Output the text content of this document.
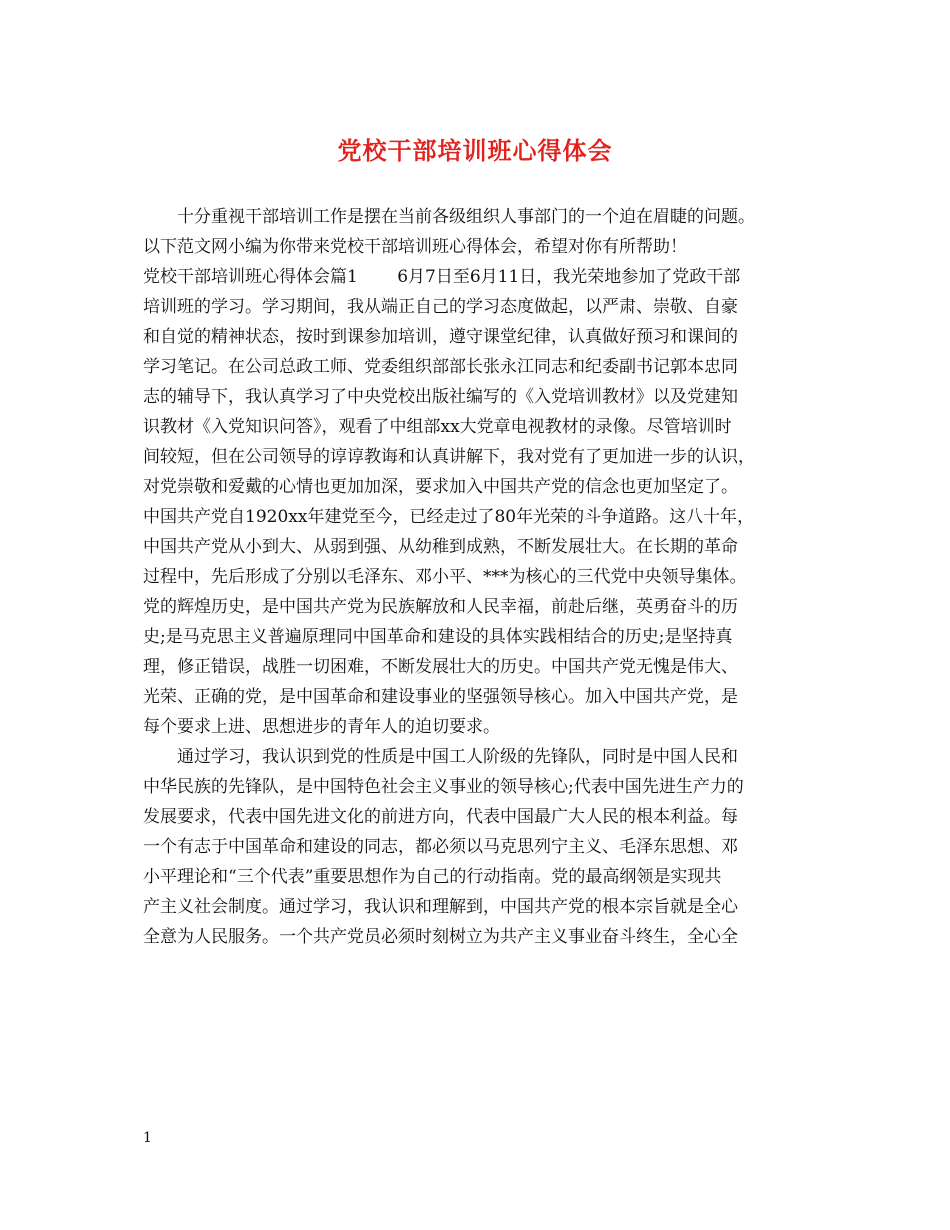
党校干部培训班心得体会
　　十分重视干部培训工作是摆在当前各级组织人事部门的一个迫在眉睫的问题。
以下范文网小编为你带来党校干部培训班心得体会，希望对你有所帮助！
党校干部培训班心得体会篇1　　 6月7日至6月11日，我光荣地参加了党政干部
培训班的学习。学习期间，我从端正自己的学习态度做起，以严肃、崇敬、自豪
和自觉的精神状态，按时到课参加培训，遵守课堂纪律，认真做好预习和课间的
学习笔记。在公司总政工师、党委组织部部长张永江同志和纪委副书记郭本忠同
志的辅导下，我认真学习了中央党校出版社编写的《入党培训教材》以及党建知
识教材《入党知识问答》，观看了中组部xx大党章电视教材的录像。尽管培训时
间较短，但在公司领导的谆谆教诲和认真讲解下，我对党有了更加进一步的认识，
对党崇敬和爱戴的心情也更加加深，要求加入中国共产党的信念也更加坚定了。
中国共产党自1920xx年建党至今，已经走过了80年光荣的斗争道路。这八十年，
中国共产党从小到大、从弱到强、从幼稚到成熟，不断发展壮大。在长期的革命
过程中，先后形成了分别以毛泽东、邓小平、***为核心的三代党中央领导集体。
党的辉煌历史，是中国共产党为民族解放和人民幸福，前赴后继，英勇奋斗的历
史;是马克思主义普遍原理同中国革命和建设的具体实践相结合的历史;是坚持真
理，修正错误，战胜一切困难，不断发展壮大的历史。中国共产党无愧是伟大、
光荣、正确的党，是中国革命和建设事业的坚强领导核心。加入中国共产党，是
每个要求上进、思想进步的青年人的迫切要求。
　　通过学习，我认识到党的性质是中国工人阶级的先锋队，同时是中国人民和
中华民族的先锋队，是中国特色社会主义事业的领导核心;代表中国先进生产力的
发展要求，代表中国先进文化的前进方向，代表中国最广大人民的根本利益。每
一个有志于中国革命和建设的同志，都必须以马克思列宁主义、毛泽东思想、邓
小平理论和“三个代表”重要思想作为自己的行动指南。党的最高纲领是实现共
产主义社会制度。通过学习，我认识和理解到，中国共产党的根本宗旨就是全心
全意为人民服务。一个共产党员必须时刻树立为共产主义事业奋斗终生，全心全
1
